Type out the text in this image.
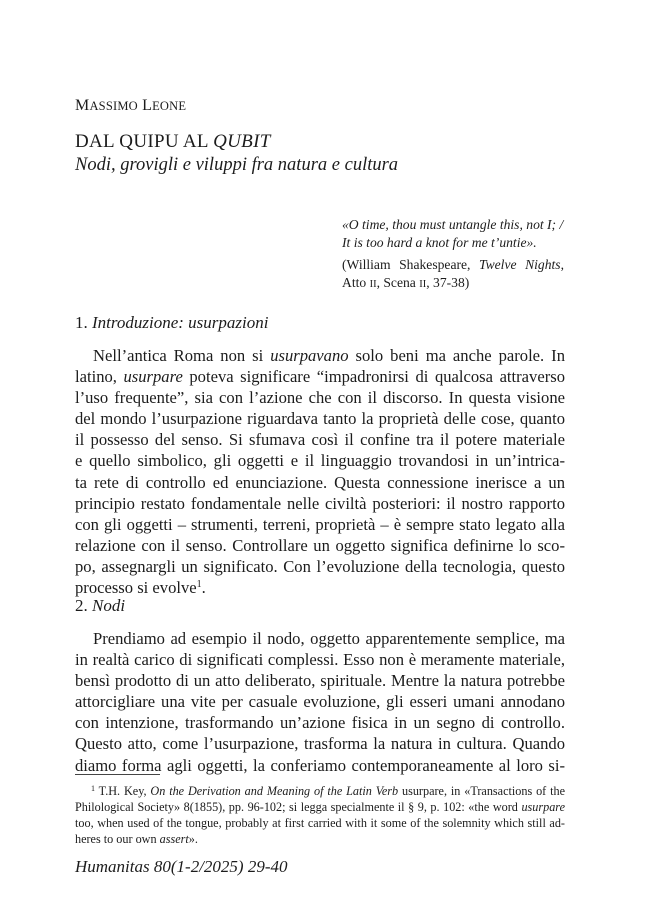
MASSIMO LEONE
DAL QUIPU AL QUBIT
Nodi, grovigli e viluppi fra natura e cultura
«O time, thou must untangle this, not I; /
It is too hard a knot for me t’untie».
(William Shakespeare, Twelve Nights, Atto II, Scena II, 37-38)
1. Introduzione: usurpazioni
Nell’antica Roma non si usurpavano solo beni ma anche parole. In
latino, usurpare poteva significare “impadronirsi di qualcosa attraverso
l’uso frequente”, sia con l’azione che con il discorso. In questa visione
del mondo l’usurpazione riguardava tanto la proprietà delle cose, quanto
il possesso del senso. Si sfumava così il confine tra il potere materiale
e quello simbolico, gli oggetti e il linguaggio trovandosi in un’intrica-
ta rete di controllo ed enunciazione. Questa connessione inerisce a un
principio restato fondamentale nelle civiltà posteriori: il nostro rapporto
con gli oggetti – strumenti, terreni, proprietà – è sempre stato legato alla
relazione con il senso. Controllare un oggetto significa definirne lo sco-
po, assegnargli un significato. Con l’evoluzione della tecnologia, questo
processo si evolve$^1$.
2. Nodi
Prendiamo ad esempio il nodo, oggetto apparentemente semplice, ma
in realtà carico di significati complessi. Esso non è meramente materiale,
bensì prodotto di un atto deliberato, spirituale. Mentre la natura potrebbe
attorcigliare una vite per casuale evoluzione, gli esseri umani annodano
con intenzione, trasformando un’azione fisica in un segno di controllo.
Questo atto, come l’usurpazione, trasforma la natura in cultura. Quando
diamo forma agli oggetti, la conferiamo contemporaneamente al loro si-
$^1$ T.H. Key, On the Derivation and Meaning of the Latin Verb usurpare, in «Transactions of the
Philological Society» 8(1855), pp. 96-102; si legga specialmente il § 9, p. 102: «the word usurpare
too, when used of the tongue, probably at first carried with it some of the solemnity which still ad-
heres to our own assert».
Humanitas 80(1-2/2025) 29-40
